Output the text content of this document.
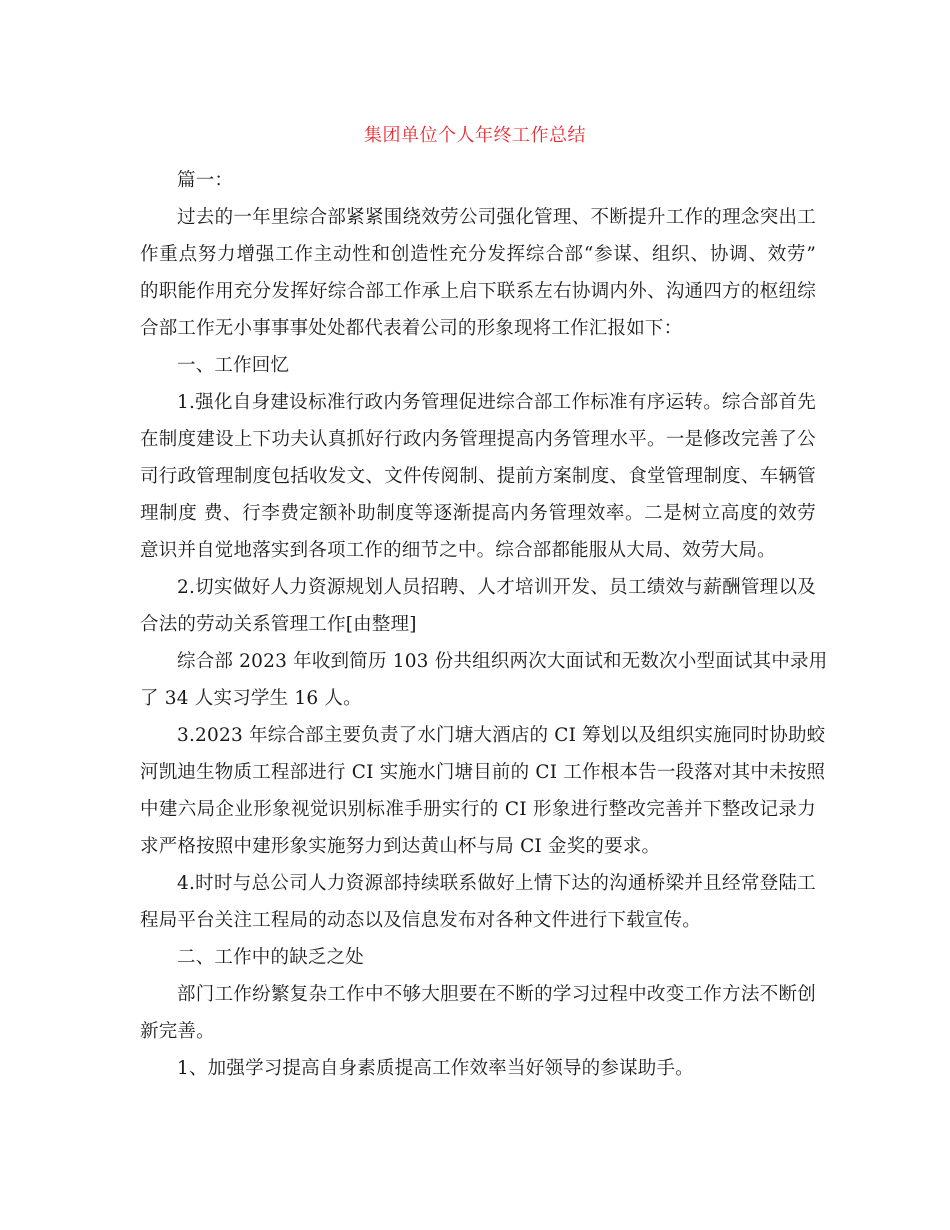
集团单位个人年终工作总结
篇一：
过去的一年里综合部紧紧围绕效劳公司强化管理、不断提升工作的理念突出工
作重点努力增强工作主动性和创造性充分发挥综合部“参谋、组织、协调、效劳”
的职能作用充分发挥好综合部工作承上启下联系左右协调内外、沟通四方的枢纽综
合部工作无小事事事处处都代表着公司的形象现将工作汇报如下：
一、工作回忆
1.强化自身建设标准行政内务管理促进综合部工作标准有序运转。综合部首先
在制度建设上下功夫认真抓好行政内务管理提高内务管理水平。一是修改完善了公
司行政管理制度包括收发文、文件传阅制、提前方案制度、食堂管理制度、车辆管
理制度 费、行李费定额补助制度等逐渐提高内务管理效率。二是树立高度的效劳
意识并自觉地落实到各项工作的细节之中。综合部都能服从大局、效劳大局。
2.切实做好人力资源规划人员招聘、人才培训开发、员工绩效与薪酬管理以及
合法的劳动关系管理工作[由整理]
综合部 2023 年收到简历 103 份共组织两次大面试和无数次小型面试其中录用
了 34 人实习学生 16 人。
3.2023 年综合部主要负责了水门塘大酒店的 CI 筹划以及组织实施同时协助蛟
河凯迪生物质工程部进行 CI 实施水门塘目前的 CI 工作根本告一段落对其中未按照
中建六局企业形象视觉识别标准手册实行的 CI 形象进行整改完善并下整改记录力
求严格按照中建形象实施努力到达黄山杯与局 CI 金奖的要求。
4.时时与总公司人力资源部持续联系做好上情下达的沟通桥梁并且经常登陆工
程局平台关注工程局的动态以及信息发布对各种文件进行下载宣传。
二、工作中的缺乏之处
部门工作纷繁复杂工作中不够大胆要在不断的学习过程中改变工作方法不断创
新完善。
1、加强学习提高自身素质提高工作效率当好领导的参谋助手。
